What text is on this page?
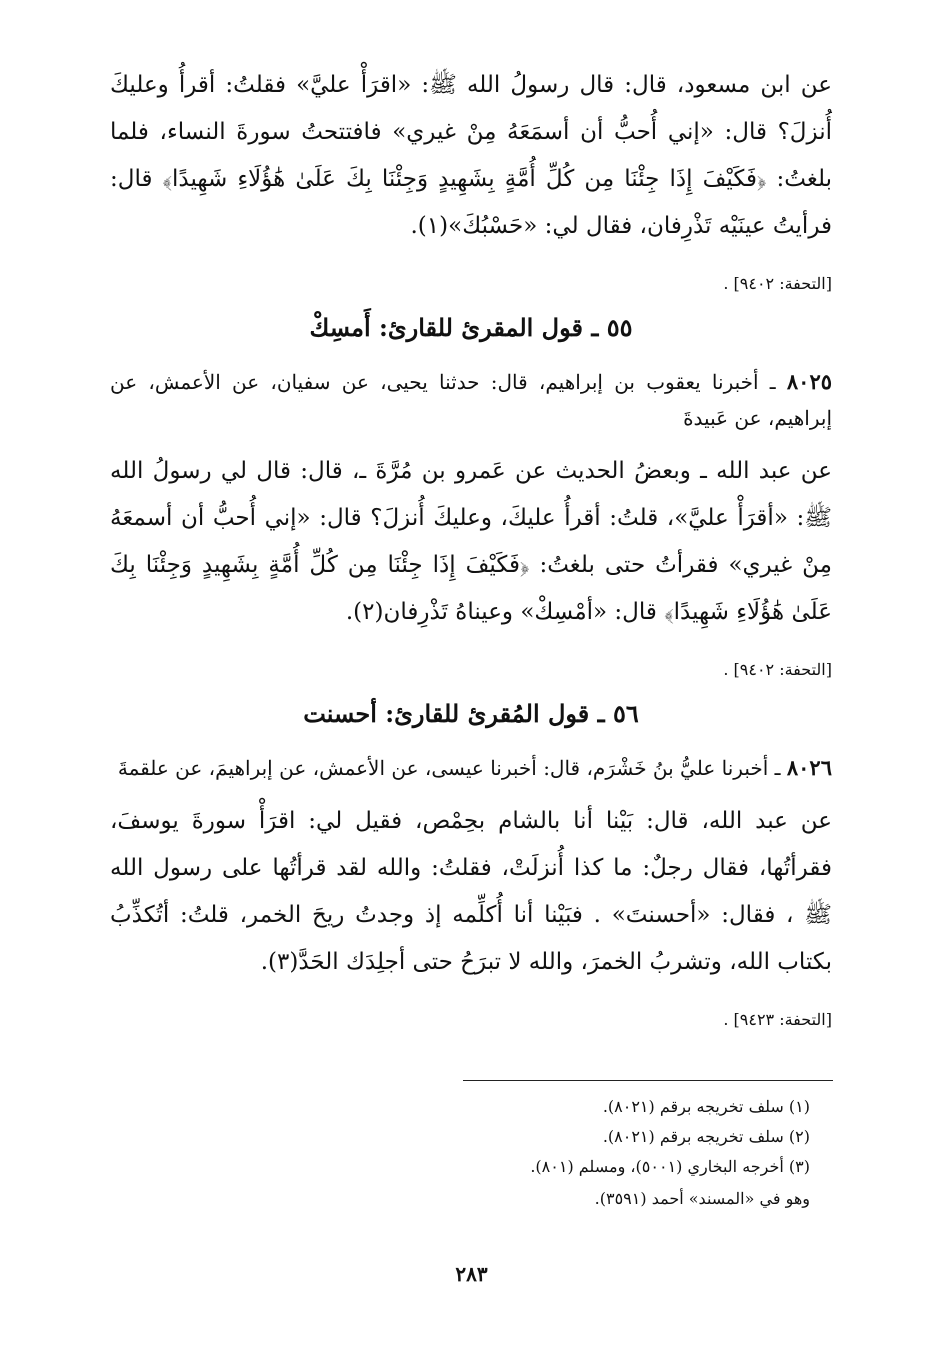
عن ابن مسعود، قال: قال رسولُ الله ﷺ: «اقرَأْ عليَّ» فقلتُ: أقرأُ وعليكَ أُنزلَ؟ قال: «إني أُحبُّ أن أسمَعَهُ مِنْ غيري» فافتتحتُ سورةَ النساء، فلما بلغتُ: ﴿فَكَيْفَ إِذَا جِئْنَا مِن كُلِّ أُمَّةٍ بِشَهِيدٍ وَجِئْنَا بِكَ عَلَىٰ هَٰؤُلَاءِ شَهِيدًا﴾ قال: فرأيتُ عينَيْه تَذْرِفان، فقال لي: «حَسْبُكَ»(١).

[التحفة: ٩٤٠٢] .

٥٥ ـ قول المقرئ للقارئ: أَمسِكْ

٨٠٢٥ ـ أخبرنا يعقوب بن إبراهيم، قال: حدثنا يحيى، عن سفيان، عن الأعمش، عن إبراهيم، عن عَبيدةَ

عن عبد الله ـ وبعضُ الحديث عن عَمرو بن مُرَّةَ ـ، قال: قال لي رسولُ الله ﷺ: «أقرَأْ عليَّ»، قلتُ: أقرأُ عليكَ، وعليكَ أُنزلَ؟ قال: «إني أُحبُّ أن أسمعَهُ مِنْ غيري» فقرأتُ حتى بلغتُ: ﴿فَكَيْفَ إِذَا جِئْنَا مِن كُلِّ أُمَّةٍ بِشَهِيدٍ وَجِئْنَا بِكَ عَلَىٰ هَٰؤُلَاءِ شَهِيدًا﴾ قال: «أمْسِكْ» وعيناهُ تَذْرِفان(٢).

[التحفة: ٩٤٠٢] .

٥٦ ـ قول المُقرئ للقارئ: أحسنت

٨٠٢٦ ـ أخبرنا عليُّ بنُ خَشْرَم، قال: أخبرنا عيسى، عن الأعمش، عن إبراهيمَ، عن علقمةَ

عن عبد الله، قال: بَيْنا أنا بالشام بحِمْص، فقيل لي: اقرَأْ سورةَ يوسفَ، فقرأتُها، فقال رجلٌ: ما كذا أُنزلَتْ، فقلتُ: والله لقد قرأتُها على رسول الله ﷺ ، فقال: «أحسنتَ» . فبَيْنا أنا أُكلِّمه إذ وجدتُ ريحَ الخمر، قلتُ: أتُكذِّبُ بكتاب الله، وتشربُ الخمرَ، والله لا تبرَحُ حتى أجلِدَك الحَدَّ(٣).

[التحفة: ٩٤٢٣] .

(١) سلف تخريجه برقم (٨٠٢١).

(٢) سلف تخريجه برقم (٨٠٢١).

(٣) أخرجه البخاري (٥٠٠١)، ومسلم (٨٠١).

وهو في «المسند» أحمد (٣٥٩١).

٢٨٣
